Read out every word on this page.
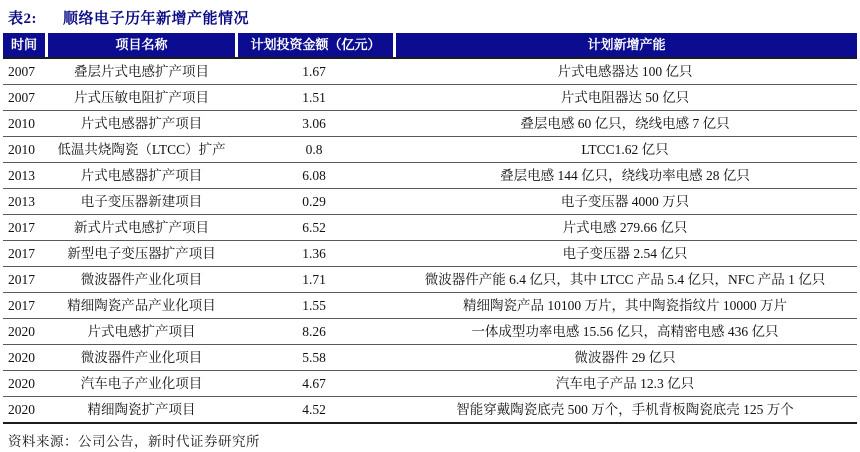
表2: 顺络电子历年新增产能情况
时间	项目名称	计划投资金额（亿元）	计划新增产能
2007	叠层片式电感扩产项目	1.67	片式电感器达 100 亿只
2007	片式压敏电阻扩产项目	1.51	片式电阻器达 50 亿只
2010	片式电感器扩产项目	3.06	叠层电感 60 亿只，绕线电感 7 亿只
2010	低温共烧陶瓷（LTCC）扩产	0.8	LTCC1.62 亿只
2013	片式电感器扩产项目	6.08	叠层电感 144 亿只，绕线功率电感 28 亿只
2013	电子变压器新建项目	0.29	电子变压器 4000 万只
2017	新式片式电感扩产项目	6.52	片式电感 279.66 亿只
2017	新型电子变压器扩产项目	1.36	电子变压器 2.54 亿只
2017	微波器件产业化项目	1.71	微波器件产能 6.4 亿只，其中 LTCC 产品 5.4 亿只，NFC 产品 1 亿只
2017	精细陶瓷产品产业化项目	1.55	精细陶瓷产品 10100 万片，其中陶瓷指纹片 10000 万片
2020	片式电感扩产项目	8.26	一体成型功率电感 15.56 亿只，高精密电感 436 亿只
2020	微波器件产业化项目	5.58	微波器件 29 亿只
2020	汽车电子产业化项目	4.67	汽车电子产品 12.3 亿只
2020	精细陶瓷扩产项目	4.52	智能穿戴陶瓷底壳 500 万个，手机背板陶瓷底壳 125 万个
资料来源：公司公告，新时代证券研究所
